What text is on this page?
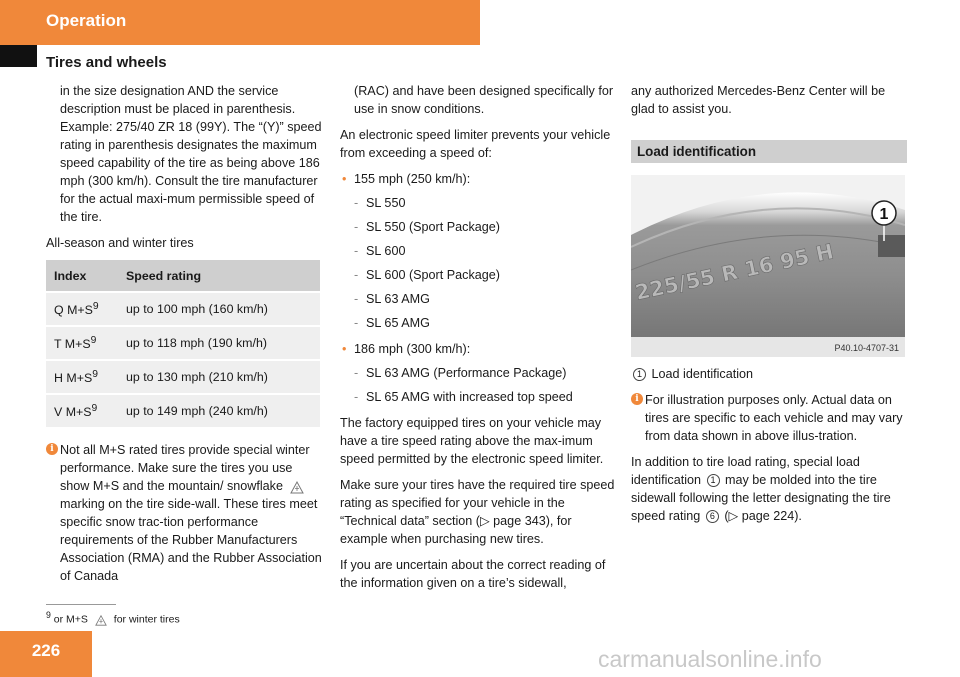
Operation
Tires and wheels

in the size designation AND the service description must be placed in parenthesis. Example: 275/40 ZR 18 (99Y). The “(Y)” speed rating in parenthesis designates the maximum speed capability of the tire as being above 186 mph (300 km/h). Consult the tire manufacturer for the actual maxi-mum permissible speed of the tire.

All-season and winter tires

Index	Speed rating
Q $M+S^9$	up to 100 mph (160 km/h)
T $M+S^9$	up to 118 mph (190 km/h)
H $M+S^9$	up to 130 mph (210 km/h)
V $M+S^9$	up to 149 mph (240 km/h)
i Not all M+S rated tires provide special winter performance. Make sure the tires you use show M+S and the mountain/ snowflake  marking on the tire side-wall. These tires meet specific snow trac-tion performance requirements of the Rubber Manufacturers Association (RMA) and the Rubber Association of Canada

(RAC) and have been designed specifically for use in snow conditions.

An electronic speed limiter prevents your vehicle from exceeding a speed of:

• 155 mph (250 km/h):
- SL 550
- SL 550 (Sport Package)
- SL 600
- SL 600 (Sport Package)
- SL 63 AMG
- SL 65 AMG
• 186 mph (300 km/h):
- SL 63 AMG (Performance Package)
- SL 65 AMG with increased top speed

The factory equipped tires on your vehicle may have a tire speed rating above the max-imum speed permitted by the electronic speed limiter.

Make sure your tires have the required tire speed rating as specified for your vehicle in the “Technical data” section (▷ page 343), for example when purchasing new tires.

If you are uncertain about the correct reading of the information given on a tire’s sidewall,

any authorized Mercedes-Benz Center will be glad to assist you.

Load identification
225/55 R 16 95 H
1
P40.10-4707-31

1 Load identification

i For illustration purposes only. Actual data on tires are specific to each vehicle and may vary from data shown in above illus-tration.

In addition to tire load rating, special load identification 1 may be molded into the tire sidewall following the letter designating the tire speed rating 6 (▷ page 224).

$^9$ or M+S for winter tires
226	carmanualsonline.info
